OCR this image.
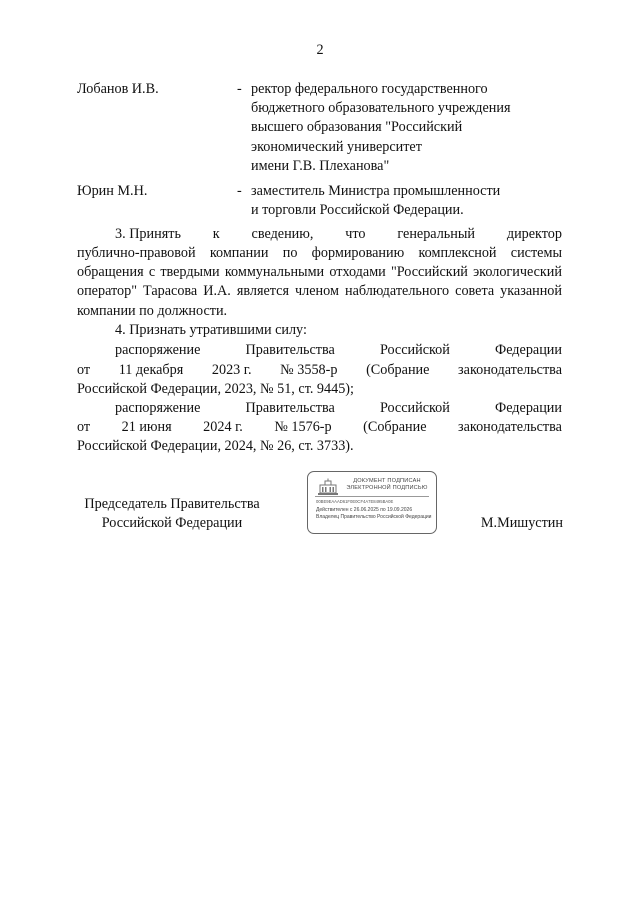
2
Лобанов И.В.	- ректор федерального государственного
бюджетного образовательного учреждения
высшего образования "Российский
экономический университет
имени Г.В. Плеханова"
Юрин М.Н.	- заместитель Министра промышленности
и торговли Российской Федерации.
3. Принять к сведению, что генеральный директор
публично-правовой компании по формированию комплексной системы обращения с твердыми коммунальными отходами "Российский экологический оператор" Тарасова И.А. является членом наблюдательного совета указанной компании по должности.
4. Признать утратившими силу:
распоряжение	Правительства	Российской	Федерации
от 11 декабря 2023 г. № 3558-р (Собрание законодательства
Российской Федерации, 2023, № 51, ст. 9445);
распоряжение	Правительства	Российской	Федерации
от 21 июня 2024 г. № 1576-р (Собрание законодательства
Российской Федерации, 2024, № 26, ст. 3733).
Председатель Правительства
Российской Федерации	М.Мишустин
ДОКУМЕНТ ПОДПИСАН
ЭЛЕКТРОННОЙ ПОДПИСЬЮ
00BE9EAAAD61F0E0CF4A7E8495BA0E
Действителен с 26.06.2025 по 19.09.2026
Владелец Правительство Российской Федерации
